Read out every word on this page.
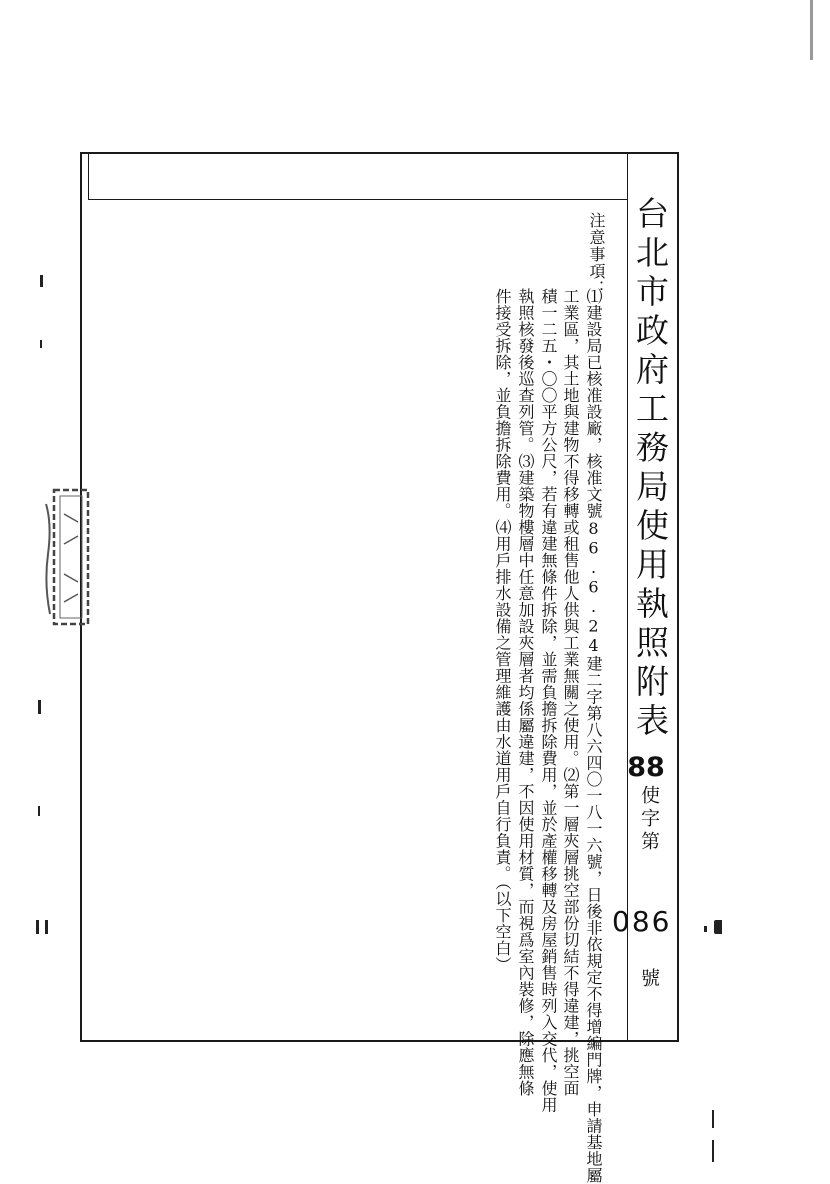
台北市政府工務局使用執照附表
88
使字第
086
號
注意事項：
⑴建設局已核准設廠，核准文號86.6.24建二字第八六四〇一八一六號，日後非依規定不得增編門牌，申請基地屬
工業區，其土地與建物不得移轉或租售他人供與工業無關之使用。⑵第一層夾層挑空部份切結不得違建，挑空面
積一二五・〇〇平方公尺，若有違建無條件拆除，並需負擔拆除費用，並於產權移轉及房屋銷售時列入交代，使用
執照核發後巡查列管。⑶建築物樓層中任意加設夾層者均係屬違建，不因使用材質，而視爲室內裝修，除應無條
件接受拆除，並負擔拆除費用。⑷用戶排水設備之管理維護由水道用戶自行負責。（以下空白）
